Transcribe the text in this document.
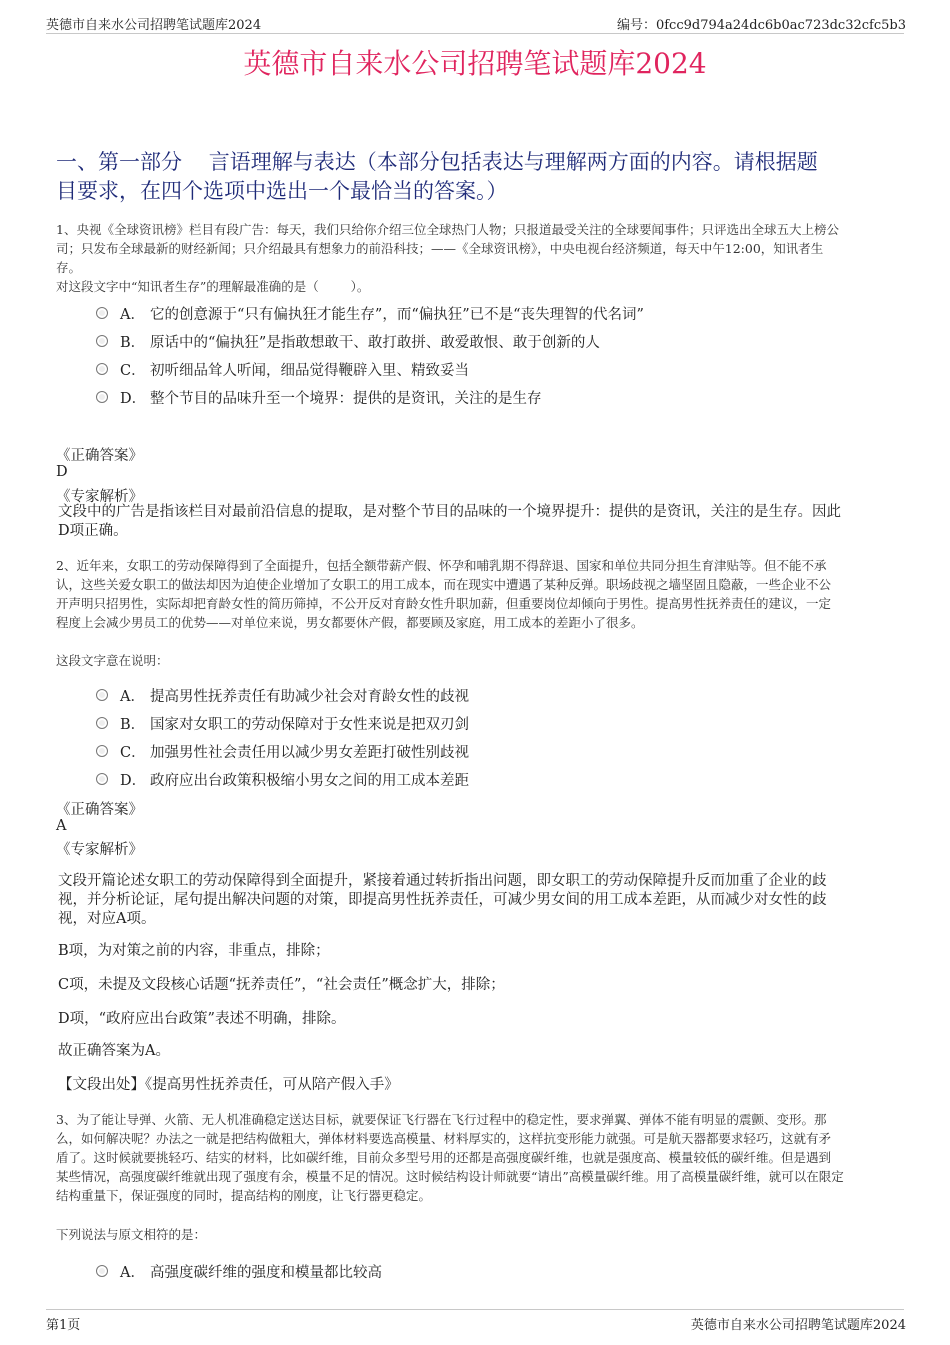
英德市自来水公司招聘笔试题库2024	编号：0fcc9d794a24dc6b0ac723dc32cfc5b3
英德市自来水公司招聘笔试题库2024
一、第一部分    言语理解与表达（本部分包括表达与理解两方面的内容。请根据题
目要求，在四个选项中选出一个最恰当的答案。）
1、央视《全球资讯榜》栏目有段广告：每天，我们只给你介绍三位全球热门人物；只报道最受关注的全球要闻事件；只评选出全球五大上榜公
司；只发布全球最新的财经新闻；只介绍最具有想象力的前沿科技；——《全球资讯榜》，中央电视台经济频道，每天中午12:00，知讯者生
存。
对这段文字中“知讯者生存”的理解最准确的是（        ）。
A． 它的创意源于“只有偏执狂才能生存”，而“偏执狂”已不是“丧失理智的代名词”
B． 原话中的“偏执狂”是指敢想敢干、敢打敢拼、敢爱敢恨、敢于创新的人
C． 初听细品耸人听闻，细品觉得鞭辟入里、精致妥当
D． 整个节目的品味升至一个境界：提供的是资讯，关注的是生存
《正确答案》
D
《专家解析》
文段中的广告是指该栏目对最前沿信息的提取，是对整个节目的品味的一个境界提升：提供的是资讯，关注的是生存。因此
D项正确。
2、近年来，女职工的劳动保障得到了全面提升，包括全额带薪产假、怀孕和哺乳期不得辞退、国家和单位共同分担生育津贴等。但不能不承
认，这些关爱女职工的做法却因为迫使企业增加了女职工的用工成本，而在现实中遭遇了某种反弹。职场歧视之墙坚固且隐蔽，一些企业不公
开声明只招男性，实际却把育龄女性的简历筛掉，不公开反对育龄女性升职加薪，但重要岗位却倾向于男性。提高男性抚养责任的建议，一定
程度上会减少男员工的优势——对单位来说，男女都要休产假，都要顾及家庭，用工成本的差距小了很多。
这段文字意在说明：
A． 提高男性抚养责任有助减少社会对育龄女性的歧视
B． 国家对女职工的劳动保障对于女性来说是把双刃剑
C． 加强男性社会责任用以减少男女差距打破性别歧视
D． 政府应出台政策积极缩小男女之间的用工成本差距
《正确答案》
A
《专家解析》
文段开篇论述女职工的劳动保障得到全面提升，紧接着通过转折指出问题，即女职工的劳动保障提升反而加重了企业的歧
视，并分析论证，尾句提出解决问题的对策，即提高男性抚养责任，可减少男女间的用工成本差距，从而减少对女性的歧
视，对应A项。
B项，为对策之前的内容，非重点，排除；
C项，未提及文段核心话题“抚养责任”，“社会责任”概念扩大，排除；
D项，“政府应出台政策”表述不明确，排除。
故正确答案为A。
【文段出处】《提高男性抚养责任，可从陪产假入手》
3、为了能让导弹、火箭、无人机准确稳定送达目标，就要保证飞行器在飞行过程中的稳定性，要求弹翼、弹体不能有明显的震颤、变形。那
么，如何解决呢？办法之一就是把结构做粗大，弹体材料要选高模量、材料厚实的，这样抗变形能力就强。可是航天器都要求轻巧，这就有矛
盾了。这时候就要挑轻巧、结实的材料，比如碳纤维，目前众多型号用的还都是高强度碳纤维，也就是强度高、模量较低的碳纤维。但是遇到
某些情况，高强度碳纤维就出现了强度有余，模量不足的情况。这时候结构设计师就要“请出”高模量碳纤维。用了高模量碳纤维，就可以在限定
结构重量下，保证强度的同时，提高结构的刚度，让飞行器更稳定。
下列说法与原文相符的是：
A． 高强度碳纤维的强度和模量都比较高
第1页	英德市自来水公司招聘笔试题库2024
